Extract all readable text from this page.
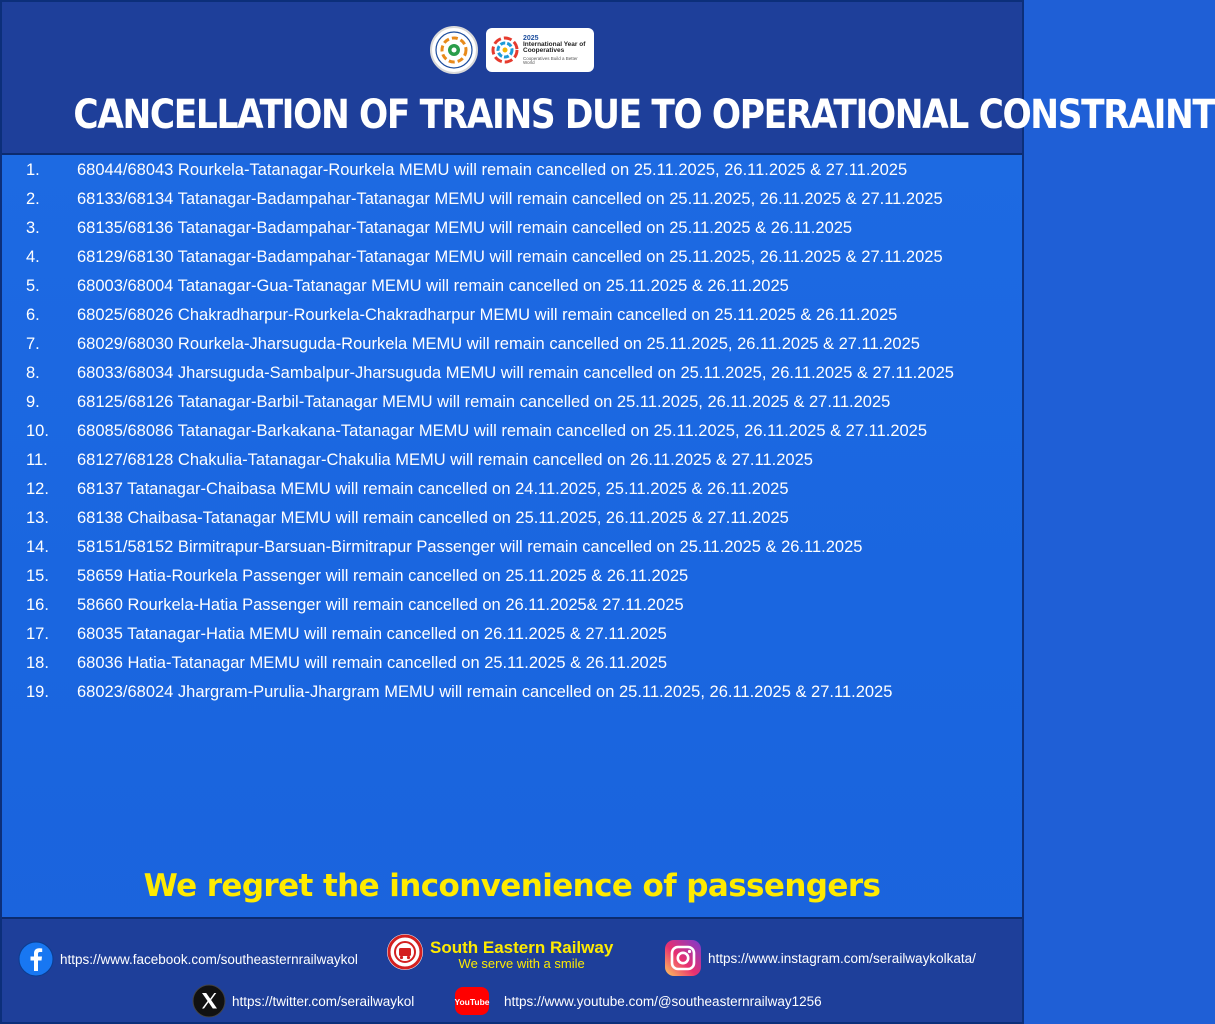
2025
International Year of Cooperatives
Cooperatives Build a Better World
CANCELLATION OF TRAINS DUE TO OPERATIONAL CONSTRAINT
1. 68044/68043 Rourkela-Tatanagar-Rourkela MEMU will remain cancelled on 25.11.2025, 26.11.2025 & 27.11.2025
2. 68133/68134 Tatanagar-Badampahar-Tatanagar MEMU will remain cancelled on 25.11.2025, 26.11.2025 & 27.11.2025
3. 68135/68136 Tatanagar-Badampahar-Tatanagar MEMU will remain cancelled on 25.11.2025 & 26.11.2025
4. 68129/68130 Tatanagar-Badampahar-Tatanagar MEMU will remain cancelled on 25.11.2025, 26.11.2025 & 27.11.2025
5. 68003/68004 Tatanagar-Gua-Tatanagar MEMU will remain cancelled on 25.11.2025 & 26.11.2025
6. 68025/68026 Chakradharpur-Rourkela-Chakradharpur MEMU will remain cancelled on 25.11.2025 & 26.11.2025
7. 68029/68030 Rourkela-Jharsuguda-Rourkela MEMU will remain cancelled on 25.11.2025, 26.11.2025 & 27.11.2025
8. 68033/68034 Jharsuguda-Sambalpur-Jharsuguda MEMU will remain cancelled on 25.11.2025, 26.11.2025 & 27.11.2025
9. 68125/68126 Tatanagar-Barbil-Tatanagar MEMU will remain cancelled on 25.11.2025, 26.11.2025 & 27.11.2025
10. 68085/68086 Tatanagar-Barkakana-Tatanagar MEMU will remain cancelled on 25.11.2025, 26.11.2025 & 27.11.2025
11. 68127/68128 Chakulia-Tatanagar-Chakulia MEMU will remain cancelled on 26.11.2025 & 27.11.2025
12. 68137 Tatanagar-Chaibasa MEMU will remain cancelled on 24.11.2025, 25.11.2025 & 26.11.2025
13. 68138 Chaibasa-Tatanagar MEMU will remain cancelled on 25.11.2025, 26.11.2025 & 27.11.2025
14. 58151/58152 Birmitrapur-Barsuan-Birmitrapur Passenger will remain cancelled on 25.11.2025 & 26.11.2025
15. 58659 Hatia-Rourkela Passenger will remain cancelled on 25.11.2025 & 26.11.2025
16. 58660 Rourkela-Hatia Passenger will remain cancelled on 26.11.2025& 27.11.2025
17. 68035 Tatanagar-Hatia MEMU will remain cancelled on 26.11.2025 & 27.11.2025
18. 68036 Hatia-Tatanagar MEMU will remain cancelled on 25.11.2025 & 26.11.2025
19. 68023/68024 Jhargram-Purulia-Jhargram MEMU will remain cancelled on 25.11.2025, 26.11.2025 & 27.11.2025
We regret the inconvenience of passengers
https://www.facebook.com/southeasternrailwaykol
South Eastern Railway
We serve with a smile	https://www.instagram.com/serailwaykolkata/
https://twitter.com/serailwaykol	YouTube https://www.youtube.com/@southeasternrailway1256
